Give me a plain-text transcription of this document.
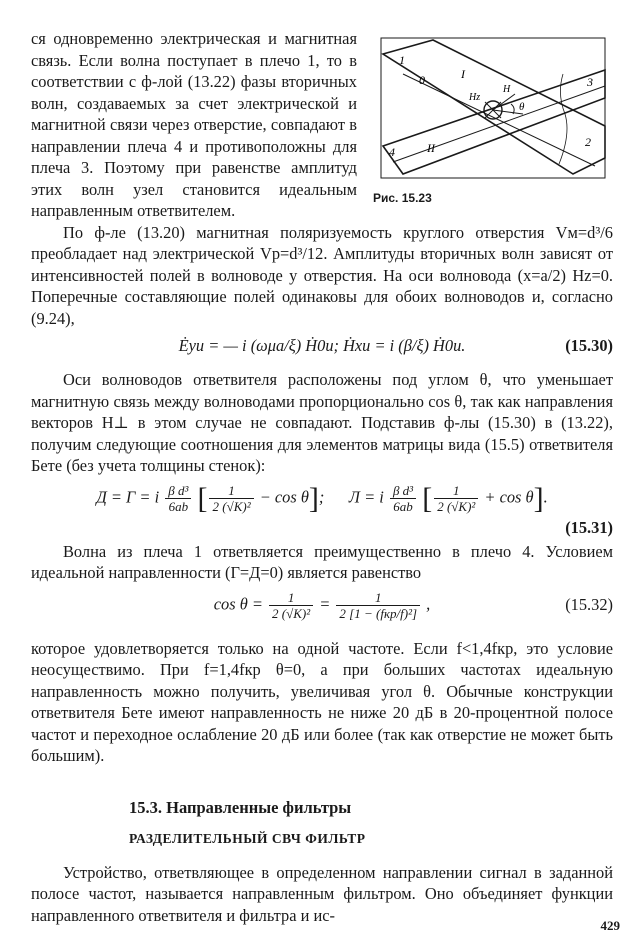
1
0	I
Hz
H
θ
II	2
4
3
Рис. 15.23

ся одновременно электрическая и магнитная связь. Если волна поступает в плечо 1, то в соответствии с ф-лой (13.22) фазы вторичных волн, создаваемых за счет электрической и магнитной связи через отверстие, совпадают в направлении плеча 4 и противоположны для плеча 3. Поэтому при равенстве амплитуд этих волн узел становится идеальным направленным ответвителем.

По ф-ле (13.20) магнитная поляризуемость круглого отверстия Vм=d³/6 преобладает над электрической Vр=d³/12. Амплитуды вторичных волн зависят от интенсивностей полей в волноводе у отверстия. На оси волновода (x=a/2) Hz=0. Поперечные составляющие полей одинаковы для обоих волноводов и, согласно (9.24),

Ėyи = — i (ωμa/ξ) Ḣ0и; Ḣxи = i (β/ξ) Ḣ0и.	(15.30)

Оси волноводов ответвителя расположены под углом θ, что уменьшает магнитную связь между волноводами пропорционально cos θ, так как направления векторов H⊥ в этом случае не совпадают. Подставив ф-лы (15.30) в (13.22), получим следующие соотношения для элементов матрицы вида (15.5) ответвителя Бете (без учета толщины стенок):

Д = Г = i $\frac{\text{β d³}}{6ab}$ [ $\frac{1}{\text{2 (√K)²}} - \cos \theta$];      Л = i $\frac{\text{β d³}}{6ab}$ [ $\frac{1}{\text{2 (√K)²}} + \cos \theta$].
(15.31)

Волна из плеча 1 ответвляется преимущественно в плечо 4. Условием идеальной направленности (Г=Д=0) является равенство

$\cos \theta = \frac{1}{\text{2 (√K)²}} = \frac{1}{\text{2 [1 − (fкр/f)²]}}$ ,	(15.32)

которое удовлетворяется только на одной частоте. Если f<1,4fкр, это условие неосуществимо. При f=1,4fкр θ=0, а при больших частотах идеальную направленность можно получить, увеличивая угол θ. Обычные конструкции ответвителя Бете имеют направленность не ниже 20 дБ в 20-процентной полосе частот и переходное ослабление 20 дБ или более (так как отверстие не может быть большим).

15.3. Направленные фильтры
РАЗДЕЛИТЕЛЬНЫЙ СВЧ ФИЛЬТР

Устройство, ответвляющее в определенном направлении сигнал в заданной полосе частот, называется направленным фильтром. Оно объединяет функции направленного ответвителя и фильтра и ис-

429
